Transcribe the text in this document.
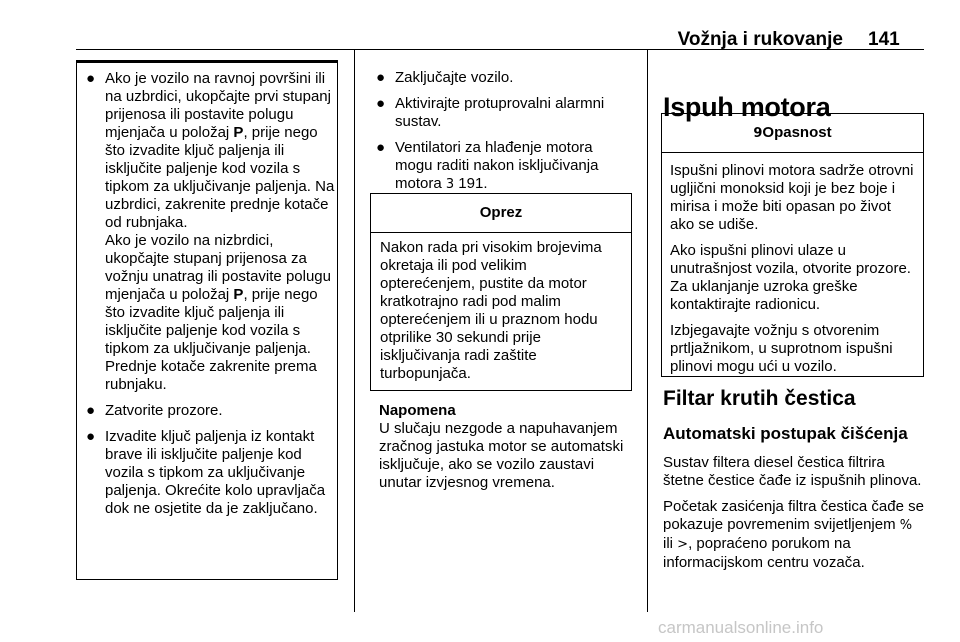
Vožnja i rukovanje 141
● Ako je vozilo na ravnoj površini ili na uzbrdici, ukopčajte prvi stupanj prijenosa ili postavite polugu mjenjača u položaj P, prije nego što izvadite ključ paljenja ili isključite paljenje kod vozila s tipkom za uključivanje paljenja. Na uzbrdici, zakrenite prednje kotače od rubnjaka.

Ako je vozilo na nizbrdici, ukopčajte stupanj prijenosa za vožnju unatrag ili postavite polugu mjenjača u položaj P, prije nego što izvadite ključ paljenja ili isključite paljenje kod vozila s tipkom za uključivanje paljenja. Prednje kotače zakrenite prema rubnjaku.

● Zatvorite prozore.
● Izvadite ključ paljenja iz kontakt brave ili isključite paljenje kod vozila s tipkom za uključivanje paljenja. Okrećite kolo upravljača dok ne osjetite da je zaključano.
● Zaključajte vozilo.
● Aktivirajte protuprovalni alarmni sustav.
● Ventilatori za hlađenje motora mogu raditi nakon isključivanja motora 3 191.
Oprez
Nakon rada pri visokim brojevima okretaja ili pod velikim opterećenjem, pustite da motor kratkotrajno radi pod malim opterećenjem ili u praznom hodu otprilike 30 sekundi prije isključivanja radi zaštite turbopunjača.
Napomena
U slučaju nezgode a napuhavanjem zračnog jastuka motor se automatski isključuje, ako se vozilo zaustavi unutar izvjesnog vremena.
Ispuh motora
9Opasnost

Ispušni plinovi motora sadrže otrovni ugljični monoksid koji je bez boje i mirisa i može biti opasan po život ako se udiše.

Ako ispušni plinovi ulaze u unutrašnjost vozila, otvorite prozore. Za uklanjanje uzroka greške kontaktirajte radionicu.

Izbjegavajte vožnju s otvorenim prtljažnikom, u suprotnom ispušni plinovi mogu ući u vozilo.

Filtar krutih čestica
Automatski postupak čišćenja

Sustav filtera diesel čestica filtrira štetne čestice čađe iz ispušnih plinova.

Početak zasićenja filtra čestica čađe se pokazuje povremenim svijetljenjem % ili >, popraćeno porukom na informacijskom centru vozača.

carmanualsonline.info
